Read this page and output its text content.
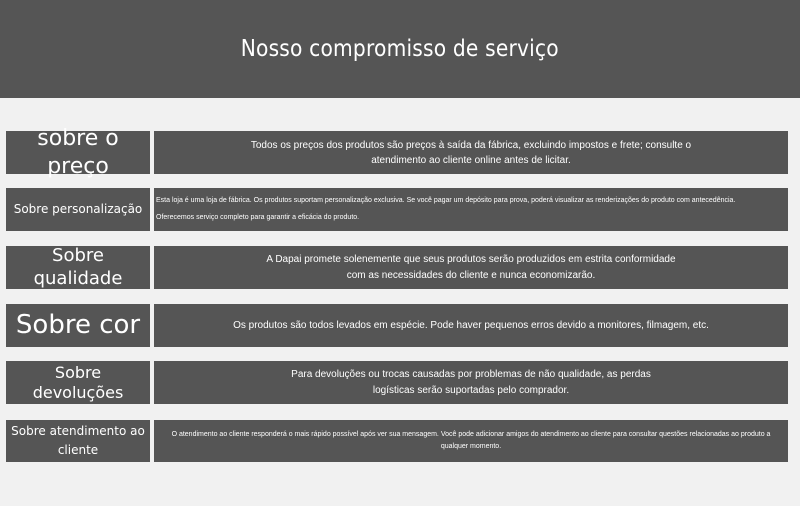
Nosso compromisso de serviço
sobre o preço
Todos os preços dos produtos são preços à saída da fábrica, excluindo impostos e frete; consulte o atendimento ao cliente online antes de licitar.
Sobre personalização
Esta loja é uma loja de fábrica. Os produtos suportam personalização exclusiva. Se você pagar um depósito para prova, poderá visualizar as renderizações do produto com antecedência. Oferecemos serviço completo para garantir a eficácia do produto.
Sobre qualidade
A Dapai promete solenemente que seus produtos serão produzidos em estrita conformidade com as necessidades do cliente e nunca economizarão.
Sobre cor	Os produtos são todos levados em espécie. Pode haver pequenos erros devido a monitores, filmagem, etc.
Sobre devoluções
Para devoluções ou trocas causadas por problemas de não qualidade, as perdas logísticas serão suportadas pelo comprador.
Sobre atendimento ao cliente
O atendimento ao cliente responderá o mais rápido possível após ver sua mensagem. Você pode adicionar amigos do atendimento ao cliente para consultar questões relacionadas ao produto a qualquer momento.
